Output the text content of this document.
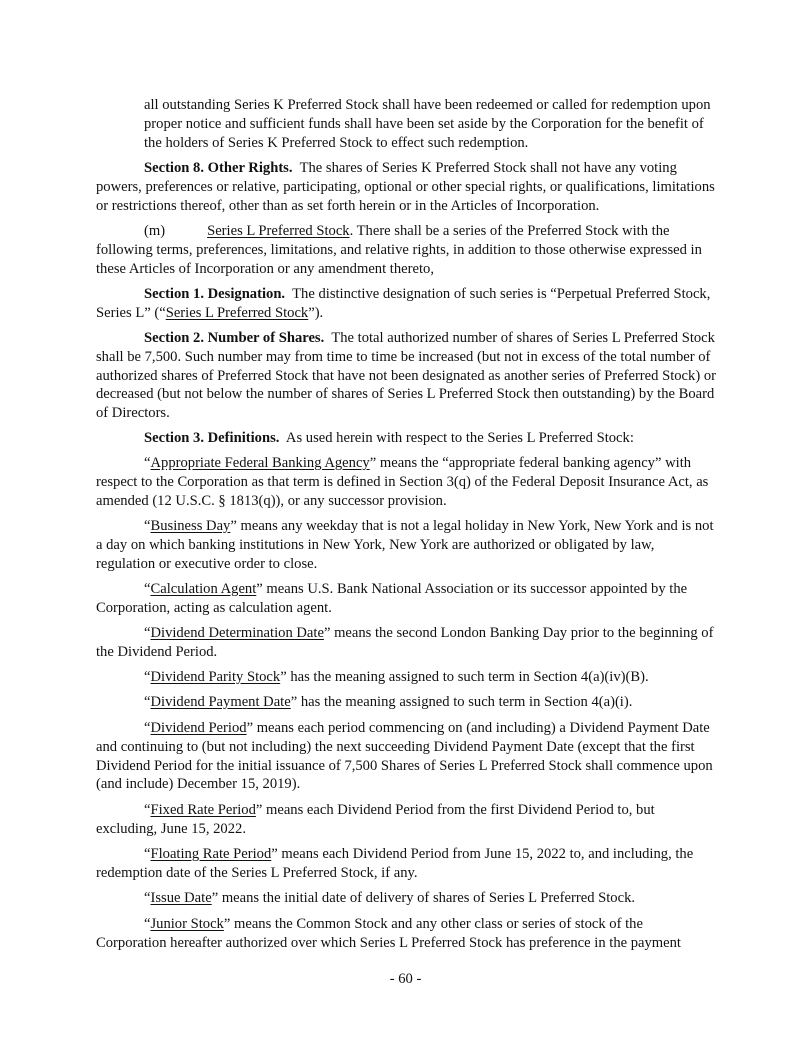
all outstanding Series K Preferred Stock shall have been redeemed or called for redemption upon proper notice and sufficient funds shall have been set aside by the Corporation for the benefit of the holders of Series K Preferred Stock to effect such redemption.

Section 8. Other Rights. The shares of Series K Preferred Stock shall not have any voting powers, preferences or relative, participating, optional or other special rights, or qualifications, limitations or restrictions thereof, other than as set forth herein or in the Articles of Incorporation.

(m)	Series L Preferred Stock. There shall be a series of the Preferred Stock with the following terms, preferences, limitations, and relative rights, in addition to those otherwise expressed in these Articles of Incorporation or any amendment thereto,

Section 1. Designation. The distinctive designation of such series is “Perpetual Preferred Stock, Series L” (“Series L Preferred Stock”).

Section 2. Number of Shares. The total authorized number of shares of Series L Preferred Stock shall be 7,500. Such number may from time to time be increased (but not in excess of the total number of authorized shares of Preferred Stock that have not been designated as another series of Preferred Stock) or decreased (but not below the number of shares of Series L Preferred Stock then outstanding) by the Board of Directors.

Section 3. Definitions. As used herein with respect to the Series L Preferred Stock:

“Appropriate Federal Banking Agency” means the “appropriate federal banking agency” with respect to the Corporation as that term is defined in Section 3(q) of the Federal Deposit Insurance Act, as amended (12 U.S.C. § 1813(q)), or any successor provision.

“Business Day” means any weekday that is not a legal holiday in New York, New York and is not a day on which banking institutions in New York, New York are authorized or obligated by law, regulation or executive order to close.

“Calculation Agent” means U.S. Bank National Association or its successor appointed by the Corporation, acting as calculation agent.

“Dividend Determination Date” means the second London Banking Day prior to the beginning of the Dividend Period.

“Dividend Parity Stock” has the meaning assigned to such term in Section 4(a)(iv)(B).

“Dividend Payment Date” has the meaning assigned to such term in Section 4(a)(i).

“Dividend Period” means each period commencing on (and including) a Dividend Payment Date and continuing to (but not including) the next succeeding Dividend Payment Date (except that the first Dividend Period for the initial issuance of 7,500 Shares of Series L Preferred Stock shall commence upon (and include) December 15, 2019).

“Fixed Rate Period” means each Dividend Period from the first Dividend Period to, but excluding, June 15, 2022.

“Floating Rate Period” means each Dividend Period from June 15, 2022 to, and including, the redemption date of the Series L Preferred Stock, if any.

“Issue Date” means the initial date of delivery of shares of Series L Preferred Stock.

“Junior Stock” means the Common Stock and any other class or series of stock of the Corporation hereafter authorized over which Series L Preferred Stock has preference in the payment

- 60 -
